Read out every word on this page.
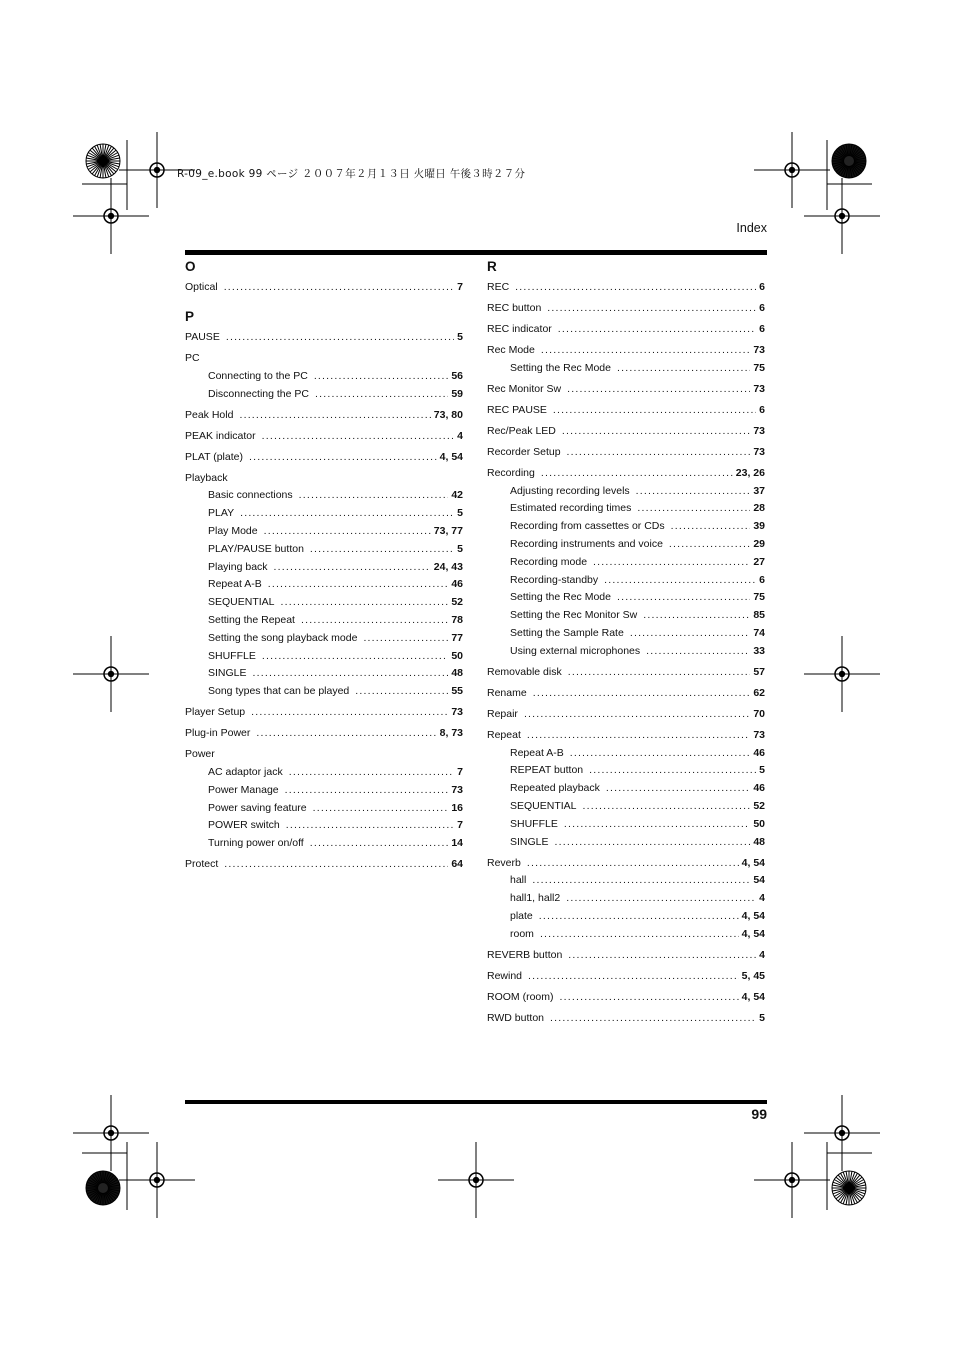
R-09_e.book 99 ページ ２００７年２月１３日 火曜日 午後３時２７分
Index
O
Optical .....	7
P
PAUSE .....	5
PC
Connecting to the PC .....	56
Disconnecting the PC .....	59
Peak Hold .....	73, 80
PEAK indicator .....	4
PLAT (plate) .....	4, 54
Playback
Basic connections .....	42
PLAY .....	5
Play Mode .....	73, 77
PLAY/PAUSE button .....	5
Playing back .....	24, 43
Repeat A-B .....	46
SEQUENTIAL .....	52
Setting the Repeat .....	78
Setting the song playback mode .....	77
SHUFFLE .....	50
SINGLE .....	48
Song types that can be played .....	55
Player Setup .....	73
Plug-in Power .....	8, 73
Power
AC adaptor jack .....	7
Power Manage .....	73
Power saving feature .....	16
POWER switch .....	7
Turning power on/off .....	14
Protect .....	64
R
REC .....	6
REC button .....	6
REC indicator .....	6
Rec Mode .....	73
Setting the Rec Mode .....	75
Rec Monitor Sw .....	73
REC PAUSE .....	6
Rec/Peak LED .....	73
Recorder Setup .....	73
Recording .....	23, 26
Adjusting recording levels .....	37
Estimated recording times .....	28
Recording from cassettes or CDs .....	39
Recording instruments and voice .....	29
Recording mode .....	27
Recording-standby .....	6
Setting the Rec Mode .....	75
Setting the Rec Monitor Sw .....	85
Setting the Sample Rate .....	74
Using external microphones .....	33
Removable disk .....	57
Rename .....	62
Repair .....	70
Repeat .....	73
Repeat A-B .....	46
REPEAT button .....	5
Repeated playback .....	46
SEQUENTIAL .....	52
SHUFFLE .....	50
SINGLE .....	48
Reverb .....	4, 54
hall .....	54
hall1, hall2 .....	4
plate .....	4, 54
room .....	4, 54
REVERB button .....	4
Rewind .....	5, 45
ROOM (room) .....	4, 54
RWD button .....	5
99
